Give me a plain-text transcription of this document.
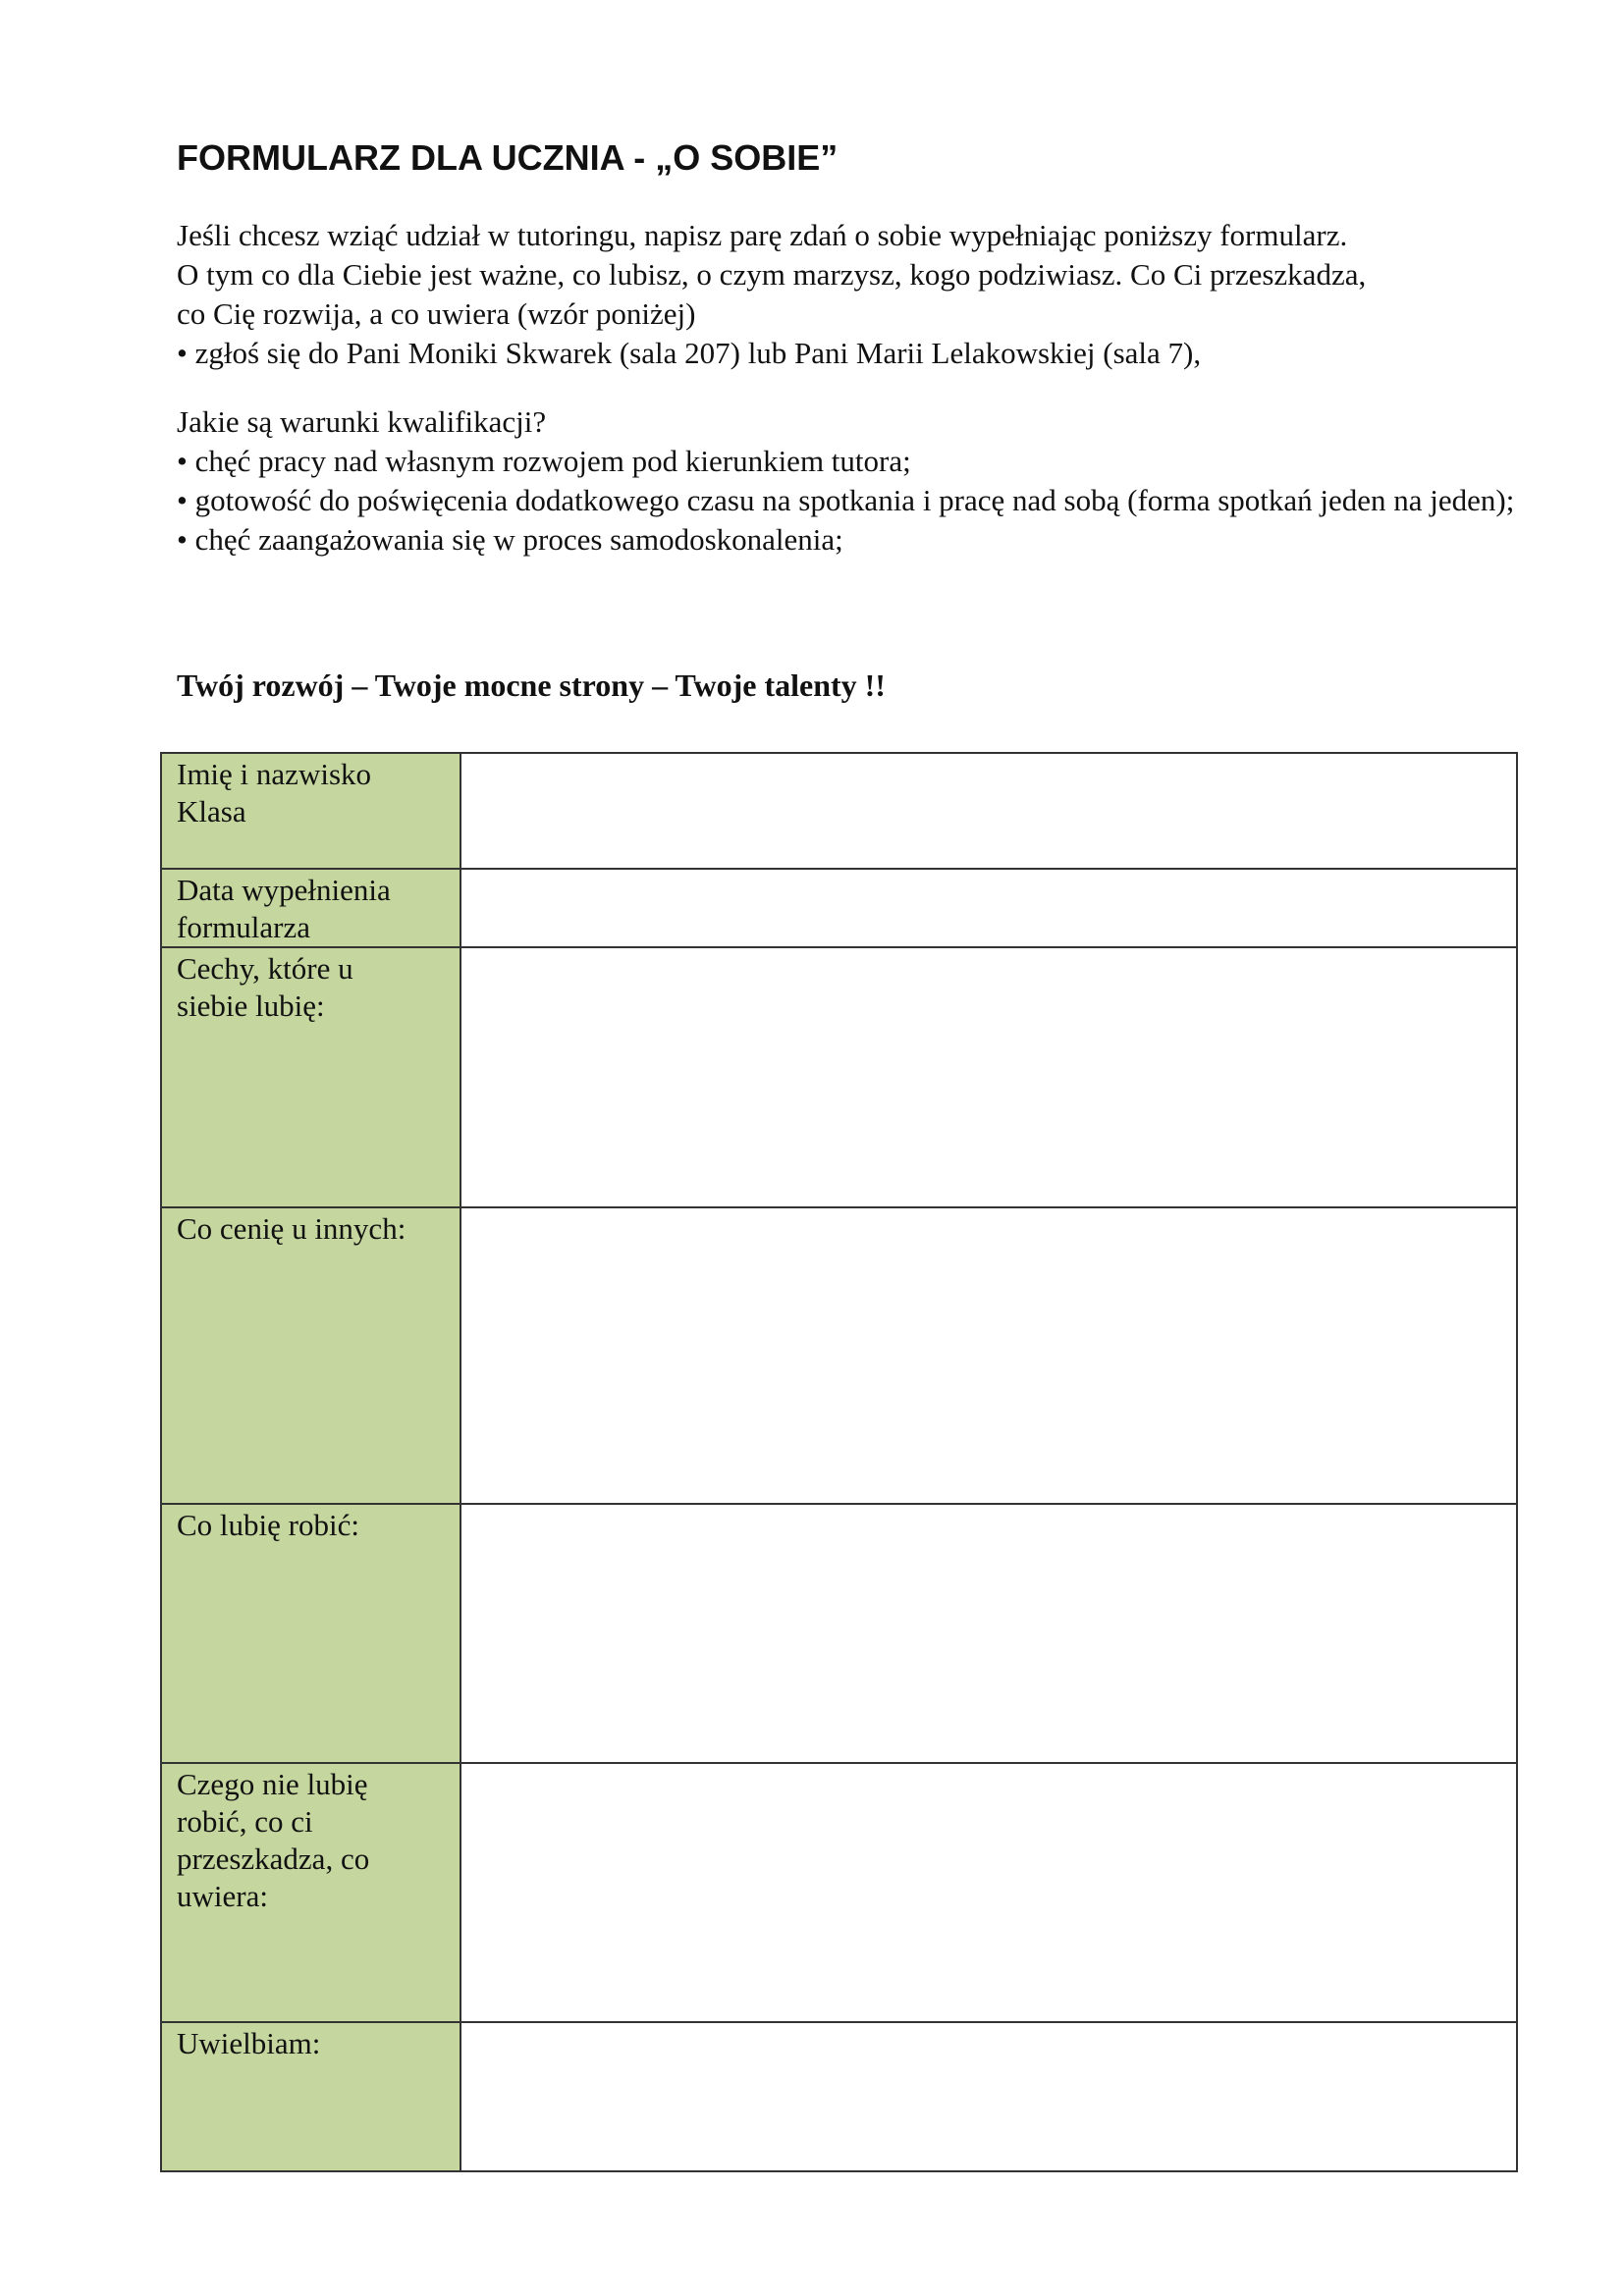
FORMULARZ DLA UCZNIA - „O SOBIE”
Jeśli chcesz wziąć udział w tutoringu, napisz parę zdań o sobie wypełniając poniższy formularz.
O tym co dla Ciebie jest ważne, co lubisz, o czym marzysz, kogo podziwiasz. Co Ci przeszkadza,
co Cię rozwija, a co uwiera (wzór poniżej)
• zgłoś się do Pani Moniki Skwarek (sala 207) lub Pani Marii Lelakowskiej (sala 7),
Jakie są warunki kwalifikacji?
• chęć pracy nad własnym rozwojem pod kierunkiem tutora;
• gotowość do poświęcenia dodatkowego czasu na spotkania i pracę nad sobą (forma spotkań jeden na jeden);
• chęć zaangażowania się w proces samodoskonalenia;
Twój rozwój – Twoje mocne strony – Twoje talenty !!
Imię i nazwisko
Klasa	

Data wypełnienia
formularza	

Cechy, które u
siebie lubię:	

Co cenię u innych:	

Co lubię robić:	

Czego nie lubię
robić, co ci
przeszkadza, co
uwiera:	

Uwielbiam:	
